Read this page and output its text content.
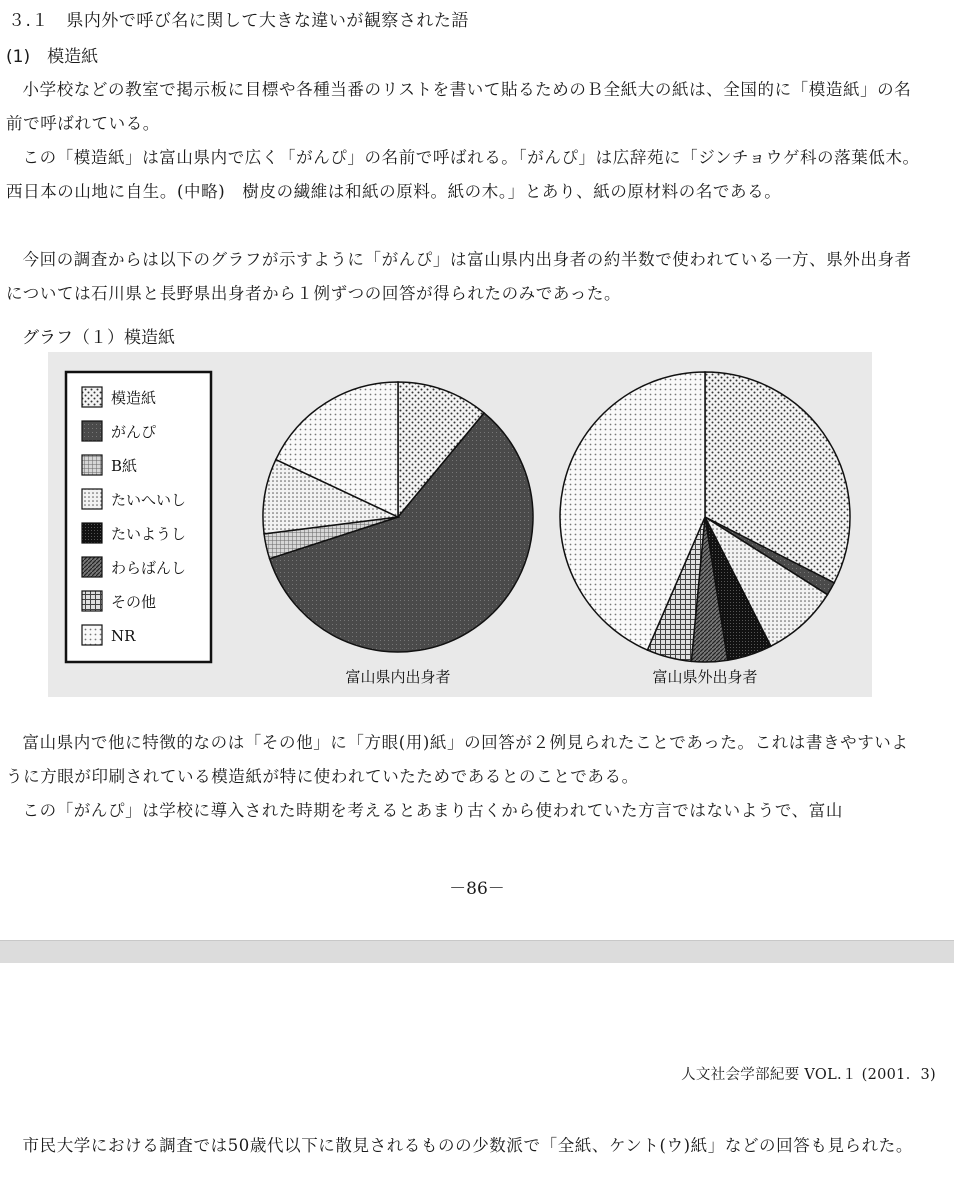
３.１　県内外で呼び名に関して大きな違いが観察された語
(1)　模造紙
小学校などの教室で掲示板に目標や各種当番のリストを書いて貼るためのＢ全紙大の紙は、全国的に「模造紙」の名前で呼ばれている。
この「模造紙」は富山県内で広く「がんぴ」の名前で呼ばれる。「がんぴ」は広辞苑に「ジンチョウゲ科の落葉低木。西日本の山地に自生。(中略)　樹皮の繊維は和紙の原料。紙の木。」とあり、紙の原材料の名である。
今回の調査からは以下のグラフが示すように「がんぴ」は富山県内出身者の約半数で使われている一方、県外出身者については石川県と長野県出身者から１例ずつの回答が得られたのみであった。
グラフ（１）模造紙
模造紙
がんぴ
B紙
たいへいし
たいようし
わらばんし
その他
NR
富山県内出身者	富山県外出身者
富山県内で他に特徴的なのは「その他」に「方眼(用)紙」の回答が２例見られたことであった。これは書きやすいように方眼が印刷されている模造紙が特に使われていたためであるとのことである。
この「がんぴ」は学校に導入された時期を考えるとあまり古くから使われていた方言ではないようで、富山
－86－
人文社会学部紀要 VOL.１ (2001．3)
市民大学における調査では50歳代以下に散見されるものの少数派で「全紙、ケント(ウ)紙」などの回答も見られた。
